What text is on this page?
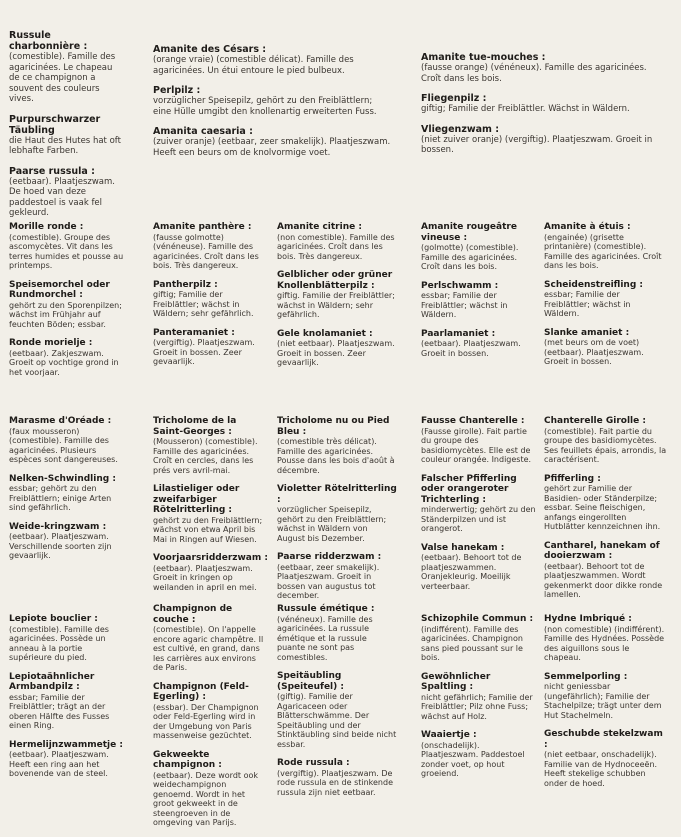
Russule charbonnière :
(comestible). Famille des agaricinées. Le chapeau de ce champignon a souvent des couleurs vives.
Purpurschwarzer Täubling
die Haut des Hutes hat oft lebhafte Farben.
Paarse russula :
(eetbaar). Plaatjeszwam. De hoed van deze paddestoel is vaak fel gekleurd.
Amanite des Césars :
(orange vraie) (comestible délicat). Famille des agaricinées. Un étui entoure le pied bulbeux.
Perlpilz :
vorzüglicher Speisepilz, gehört zu den Freiblättlern; eine Hülle umgibt den knollenartig erweiterten Fuss.
Amanita caesaria :
(zuiver oranje) (eetbaar, zeer smakelijk). Plaatjeszwam. Heeft een beurs om de knolvormige voet.
Amanite tue-mouches :
(fausse orange) (vénéneux). Famille des agaricinées. Croît dans les bois.
Fliegenpilz :
giftig; Familie der Freiblättler. Wächst in Wäldern.
Vliegenzwam :
(niet zuiver oranje) (vergiftig). Plaatjeszwam. Groeit in bossen.
Morille ronde :
(comestible). Groupe des ascomycètes. Vit dans les terres humides et pousse au printemps.
Speisemorchel oder Rundmorchel :
gehört zu den Sporenpilzen; wächst im Frühjahr auf feuchten Böden; essbar.
Ronde morielje :
(eetbaar). Zakjeszwam. Groeit op vochtige grond in het voorjaar.
Amanite panthère :
(fausse golmotte) (vénéneuse). Famille des agaricinées. Croît dans les bois. Très dangereux.
Pantherpilz :
giftig; Familie der Freiblättler; wächst in Wäldern; sehr gefährlich.
Panteramaniet :
(vergiftig). Plaatjeszwam. Groeit in bossen. Zeer gevaarlijk.
Amanite citrine :
(non comestible). Famille des agaricinées. Croît dans les bois. Très dangereux.
Gelblicher oder grüner Knollenblätterpilz :
giftig. Familie der Freiblättler; wächst in Wäldern; sehr gefährlich.
Gele knolamaniet :
(niet eetbaar). Plaatjeszwam. Groeit in bossen. Zeer gevaarlijk.
Amanite rougeâtre vineuse :
(golmotte) (comestible). Famille des agaricinées. Croît dans les bois.
Perlschwamm :
essbar; Familie der Freiblättler; wächst in Wäldern.
Paarlamaniet :
(eetbaar). Plaatjeszwam. Groeit in bossen.
Amanite à étuis :
(engainée) (grisette printanière) (comestible). Famille des agaricinées. Croît dans les bois.
Scheidenstreifling :
essbar; Familie der Freiblättler; wächst in Wäldern.
Slanke amaniet :
(met beurs om de voet) (eetbaar). Plaatjeszwam. Groeit in bossen.
Marasme d'Oréade :
(faux mousseron) (comestible). Famille des agaricinées. Plusieurs espèces sont dangereuses.
Nelken-Schwindling :
essbar; gehört zu den Freiblättlern; einige Arten sind gefährlich.
Weide-kringzwam :
(eetbaar). Plaatjeszwam. Verschillende soorten zijn gevaarlijk.
Tricholome de la Saint-Georges :
(Mousseron) (comestible). Famille des agaricinées. Croît en cercles, dans les prés vers avril-mai.
Lilastieliger oder zweifarbiger Rötelritterling :
gehört zu den Freiblättlern; wächst von etwa April bis Mai in Ringen auf Wiesen.
Voorjaarsridderzwam :
(eetbaar). Plaatjeszwam. Groeit in kringen op weilanden in april en mei.
Tricholome nu ou Pied Bleu :
(comestible très délicat). Famille des agaricinées. Pousse dans les bois d'août à décembre.
Violetter Rötelritterling :
vorzüglicher Speisepilz, gehört zu den Freiblättlern; wächst in Wäldern von August bis Dezember.
Paarse ridderzwam :
(eetbaar, zeer smakelijk). Plaatjeszwam. Groeit in bossen van augustus tot december.
Fausse Chanterelle :
(Fausse girolle). Fait partie du groupe des basidiomycètes. Elle est de couleur orangée. Indigeste.
Falscher Pfifferling oder orangeroter Trichterling :
minderwertig; gehört zu den Ständerpilzen und ist orangerot.
Valse hanekam :
(eetbaar). Behoort tot de plaatjeszwammen. Oranjekleurig. Moeilijk verteerbaar.
Chanterelle Girolle :
(comestible). Fait partie du groupe des basidiomycètes. Ses feuillets épais, arrondis, la caractérisent.
Pfifferling :
gehört zur Familie der Basidien- oder Ständerpilze; essbar. Seine fleischigen, anfangs eingerollten Hutblätter kennzeichnen ihn.
Cantharel, hanekam of dooierzwam :
(eetbaar). Behoort tot de plaatjeszwammen. Wordt gekenmerkt door dikke ronde lamellen.
Lepiote bouclier :
(comestible). Famille des agaricinées. Possède un anneau à la portie supérieure du pied.
Lepiotaähnlicher Armbandpilz :
essbar; Familie der Freiblättler; trägt an der oberen Hälfte des Fusses einen Ring.
Hermelijnzwammetje :
(eetbaar). Plaatjeszwam. Heeft een ring aan het bovenende van de steel.
Champignon de couche :
(comestible). On l'appelle encore agaric champêtre. Il est cultivé, en grand, dans les carrières aux environs de Paris.
Champignon (Feld-Egerling) :
(essbar). Der Champignon oder Feld-Egerling wird in der Umgebung von Paris massenweise gezüchtet.
Gekweekte champignon :
(eetbaar). Deze wordt ook weidechampignon genoemd. Wordt in het groot gekweekt in de steengroeven in de omgeving van Parijs.
Russule émétique :
(vénéneux). Famille des agaricinées. La russule émétique et la russule puante ne sont pas comestibles.
Speitäubling (Speiteufel) :
(giftig). Familie der Agaricaceen oder Blätterschwämme. Der Speitäubling und der Stinktäubling sind beide nicht essbar.
Rode russula :
(vergiftig). Plaatjeszwam. De rode russula en de stinkende russula zijn niet eetbaar.
Schizophile Commun :
(indifférent). Famille des agaricinées. Champignon sans pied poussant sur le bois.
Gewöhnlicher Spaltling :
nicht gefährlich; Familie der Freiblättler; Pilz ohne Fuss; wächst auf Holz.
Waaiertje :
(onschadelijk). Plaatjeszwam. Paddestoel zonder voet, op hout groeiend.
Hydne Imbriqué :
(non comestible) (indifférent). Famille des Hydnées. Possède des aiguillons sous le chapeau.
Semmelporling :
nicht geniessbar (ungefährlich); Familie der Stachelpilze; trägt unter dem Hut Stachelmeln.
Geschubde stekelzwam :
(niet eetbaar, onschadelijk). Familie van de Hydnoceeën. Heeft stekelige schubben onder de hoed.
